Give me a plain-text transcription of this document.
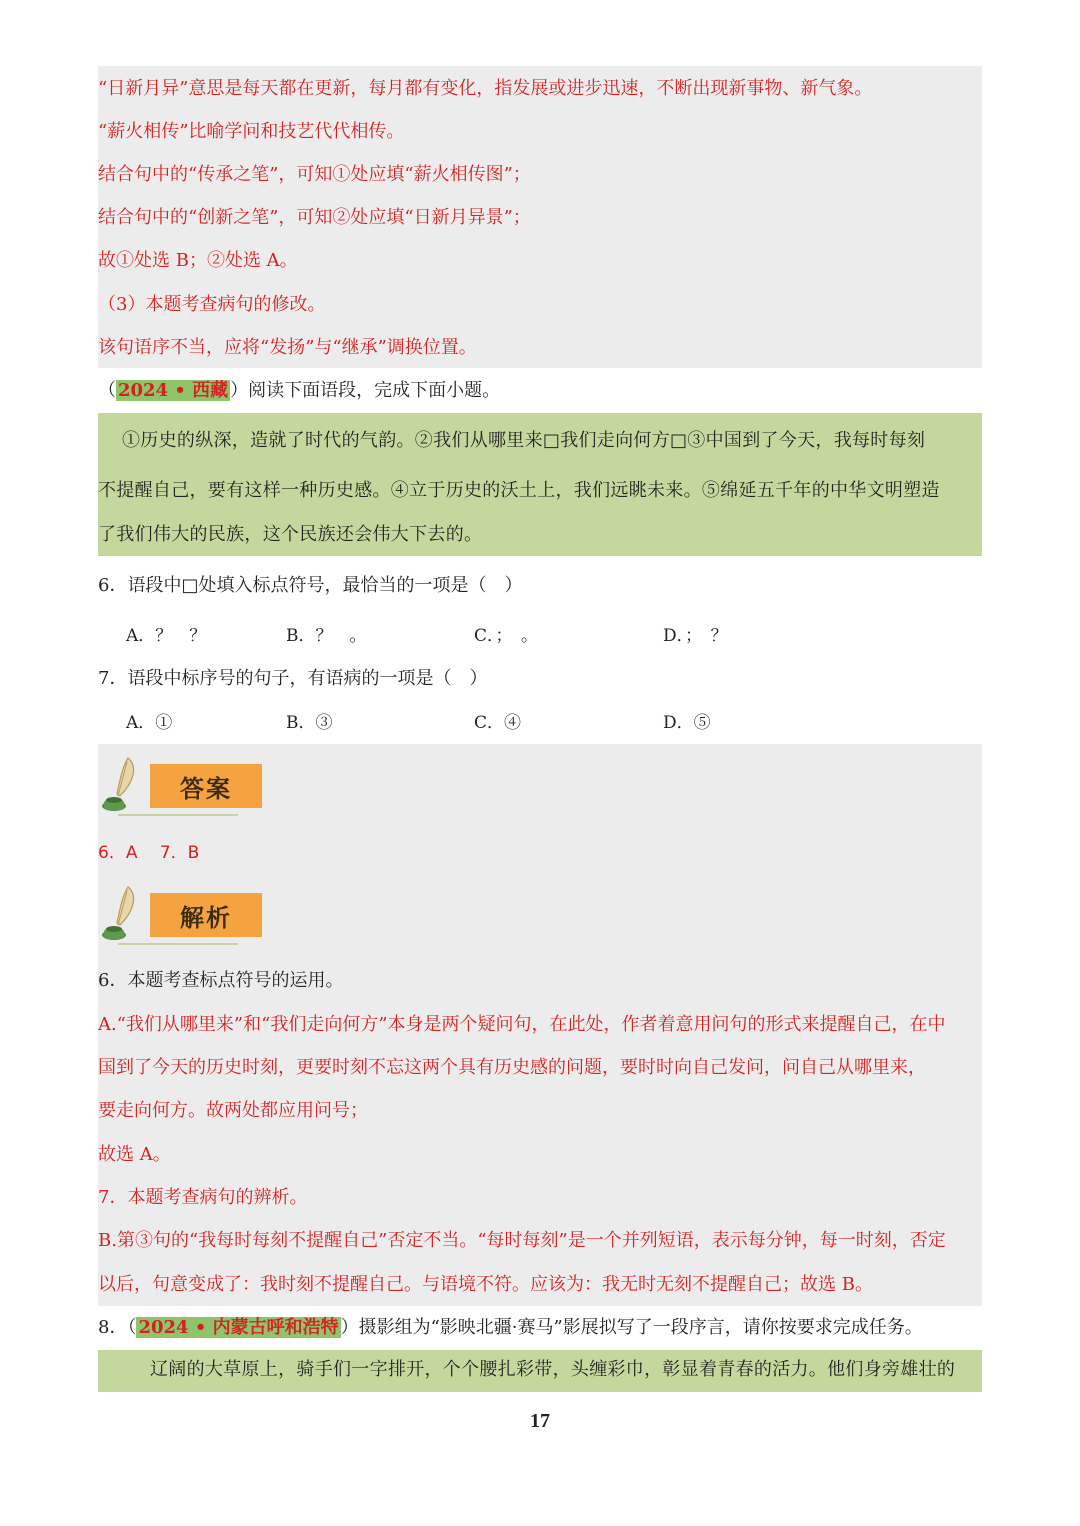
“日新月异”意思是每天都在更新，每月都有变化，指发展或进步迅速，不断出现新事物、新气象。
“薪火相传”比喻学问和技艺代代相传。
结合句中的“传承之笔”，可知①处应填“薪火相传图”；
结合句中的“创新之笔”，可知②处应填“日新月异景”；
故①处选 B；②处选 A。
（3）本题考查病句的修改。
该句语序不当，应将“发扬”与“继承”调换位置。
（ 2024 • 西藏 ）阅读下面语段，完成下面小题。
①历史的纵深，造就了时代的气韵。②我们从哪里来□我们走向何方□③中国到了今天，我每时每刻
不提醒自己，要有这样一种历史感。④立于历史的沃土上，我们远眺未来。⑤绵延五千年的中华文明塑造
了我们伟大的民族，这个民族还会伟大下去的。
6．语段中□处填入标点符号，最恰当的一项是（　）
A．？　？	B．？　。	C．；　。	D．；　？
7．语段中标序号的句子，有语病的一项是（　）
A．①	B．③	C．④	D．⑤
答案
6．A　 7．B
解析
6．本题考查标点符号的运用。
A.“我们从哪里来”和“我们走向何方”本身是两个疑问句，在此处，作者着意用问句的形式来提醒自己，在中
国到了今天的历史时刻，更要时刻不忘这两个具有历史感的问题，要时时向自己发问，问自己从哪里来，
要走向何方。故两处都应用问号；
故选 A。
7．本题考查病句的辨析。
B.第③句的“我每时每刻不提醒自己”否定不当。“每时每刻”是一个并列短语，表示每分钟，每一时刻，否定
以后，句意变成了：我时刻不提醒自己。与语境不符。应该为：我无时无刻不提醒自己；故选 B。
8．（ 2024 • 内蒙古呼和浩特 ）摄影组为“影映北疆·赛马”影展拟写了一段序言，请你按要求完成任务。
辽阔的大草原上，骑手们一字排开，个个腰扎彩带，头缠彩巾，彰显着青春的活力。他们身旁雄壮的
17
